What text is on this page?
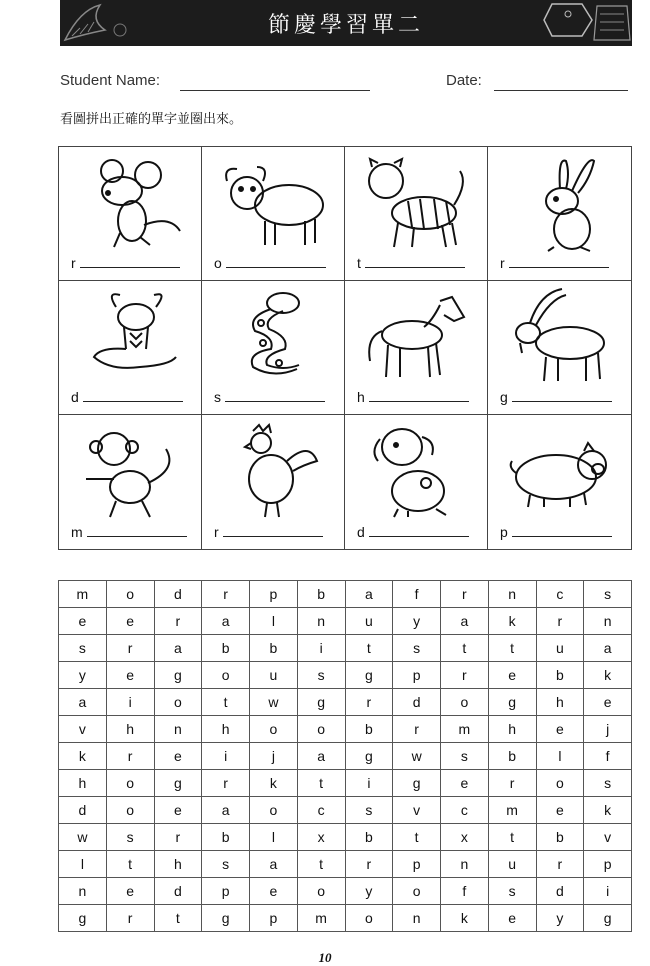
節慶學習單二
Student Name:	Date:
看圖拼出正確的單字並圈出來。
r	o	t	r
d	s	h	g
m	r	d	p
m	o	d	r	p	b	a	f	r	n	c	s
e	e	r	a	l	n	u	y	a	k	r	n
s	r	a	b	b	i	t	s	t	t	u	a
y	e	g	o	u	s	g	p	r	e	b	k
a	i	o	t	w	g	r	d	o	g	h	e
v	h	n	h	o	o	b	r	m	h	e	j
k	r	e	i	j	a	g	w	s	b	l	f
h	o	g	r	k	t	i	g	e	r	o	s
d	o	e	a	o	c	s	v	c	m	e	k
w	s	r	b	l	x	b	t	x	t	b	v
l	t	h	s	a	t	r	p	n	u	r	p
n	e	d	p	e	o	y	o	f	s	d	i
g	r	t	g	p	m	o	n	k	e	y	g
10
